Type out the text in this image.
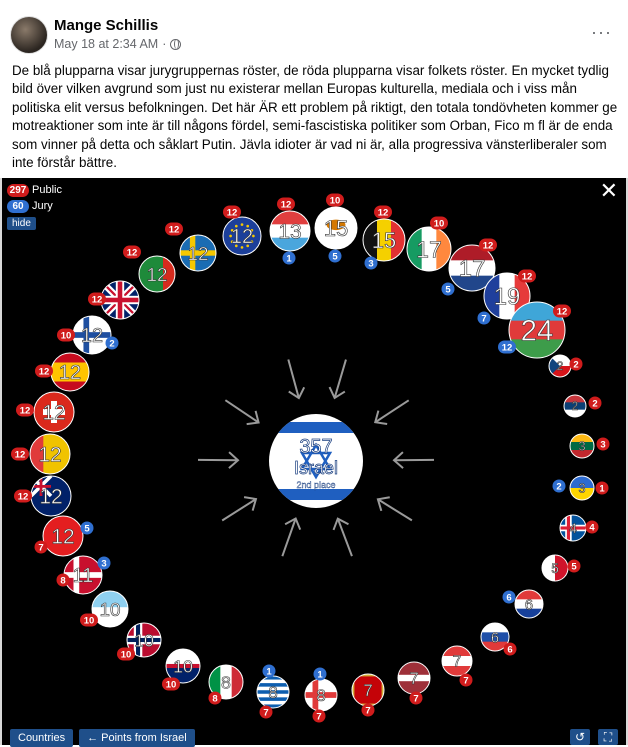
Mange Schillis
May 18 at 2:34 AM ·
···
De blå plupparna visar jurygruppernas röster, de röda plupparna visar folkets röster. En mycket tydlig bild över vilken avgrund som just nu existerar mellan Europas kulturella, mediala och i viss mån politiska elit versus befolkningen. Det här ÄR ett problem på riktigt, den totala tondövheten kommer ge motreaktioner som inte är till någons fördel, semi-fascistiska politiker som Orban, Fico m fl är de enda som vinner på detta och såklart Putin. Jävla idioter är vad ni är, alla progressiva vänsterliberaler som inte förstår bättre.
357
Israel
2nd place
12
12	12
12	12
12
13
12
1
15
10
5
15
12
3
17
10
17
12
5 19
12
7 24
12
12
2 2
2 2
3 3
3 1
2
4 4
5 5
6
6
6
6
7
7
7
7
7
7
8
7
1
8
7
1
8
8
10
10
10
10
10
10
11
8
3
12
7
5
12
12
12
12
12
12
12
12
12
10
2
12
297 Public
60 Jury
hide
✕
Countries	← Points from Israel	↺	⛶
